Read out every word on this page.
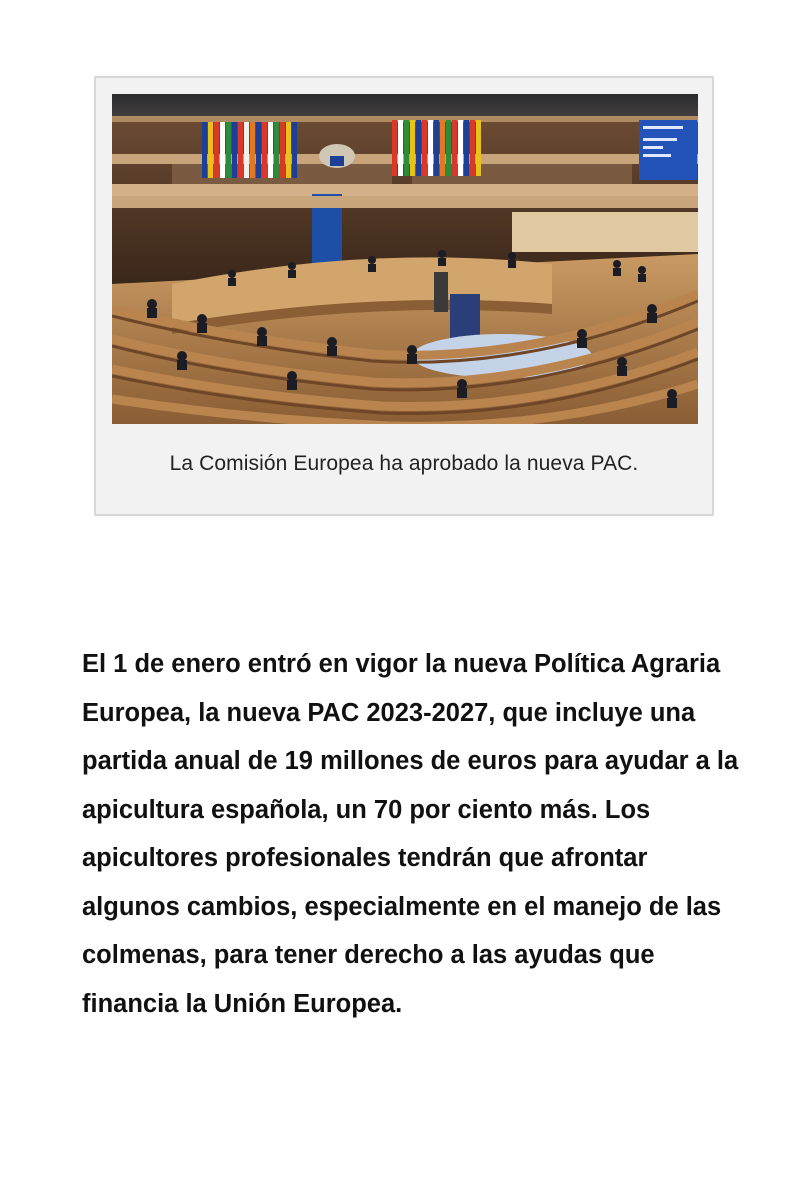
La Comisión Europea ha aprobado la nueva PAC.

El 1 de enero entró en vigor la nueva Política Agraria Europea, la nueva PAC 2023-2027, que incluye una partida anual de 19 millones de euros para ayudar a la apicultura española, un 70 por ciento más. Los apicultores profesionales tendrán que afrontar algunos cambios, especialmente en el manejo de las colmenas, para tener derecho a las ayudas que financia la Unión Europea.
